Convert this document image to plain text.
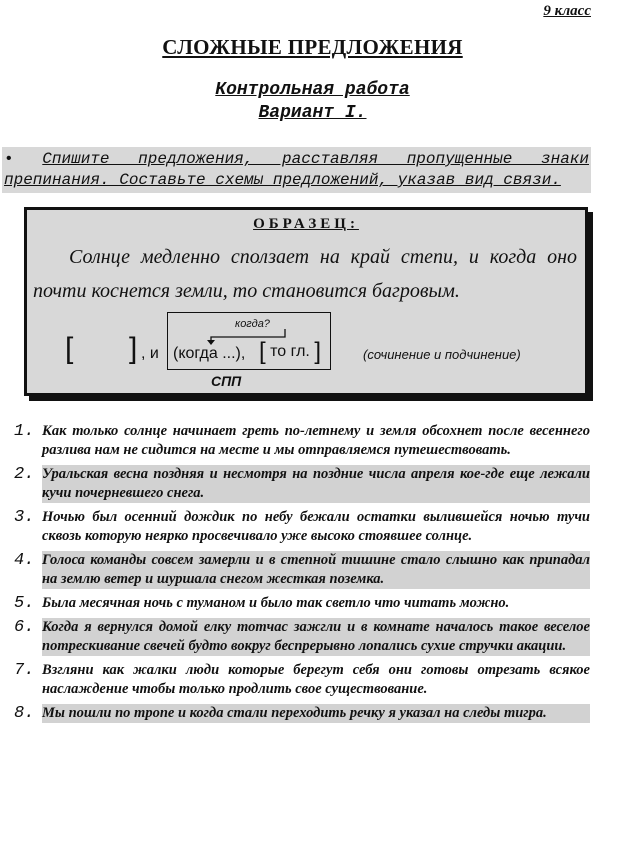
9 класс
СЛОЖНЫЕ ПРЕДЛОЖЕНИЯ
Контрольная работа
Вариант I.
• Спишите предложения, расставляя пропущенные знаки препинания. Составьте схемы предложений, указав вид связи.
ОБРАЗЕЦ:
Солнце медленно сползает на край степи, и когда оно почти коснется земли, то становится багровым.
[ ] , и
когда?
(когда ...), [ то гл. ]	(сочинение и подчинение)
СПП
1. Как только солнце начинает греть по-летнему и земля обсохнет после весеннего разлива нам не сидится на месте и мы отправляемся путешествовать.
2. Уральская весна поздняя и несмотря на поздние числа апреля кое-где еще лежали кучи почерневшего снега.
3. Ночью был осенний дождик по небу бежали остатки вылившейся ночью тучи сквозь которую неярко просвечивало уже высоко стоявшее солнце.
4. Голоса команды совсем замерли и в степной тишине стало слышно как припадал на землю ветер и шуршала снегом жесткая поземка.
5. Была месячная ночь с туманом и было так светло что читать можно.
6. Когда я вернулся домой елку тотчас зажгли и в комнате началось такое веселое потрескивание свечей будто вокруг беспрерывно лопались сухие стручки акации.
7. Взгляни как жалки люди которые берегут себя они готовы отрезать всякое наслаждение чтобы только продлить свое существование.
8. Мы пошли по тропе и когда стали переходить речку я указал на следы тигра.
